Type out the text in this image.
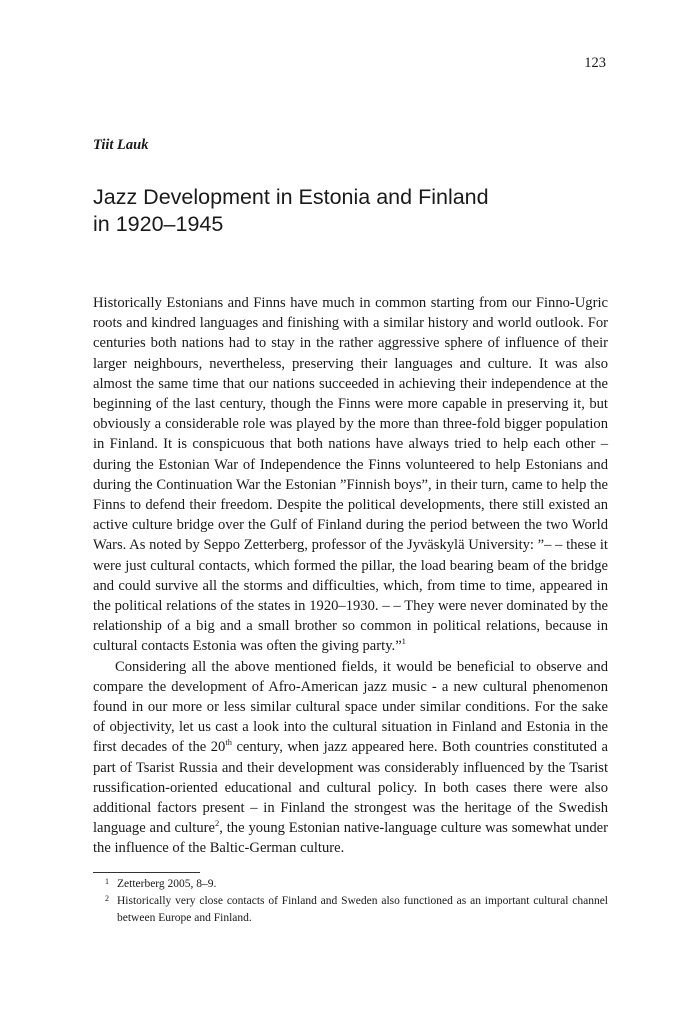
123
Tiit Lauk
Jazz Development in Estonia and Finland
in 1920–1945

Historically Estonians and Finns have much in common starting from our Finno-Ugric roots and kindred languages and finishing with a similar history and world outlook. For centuries both nations had to stay in the rather aggressive sphere of influence of their larger neighbours, nevertheless, preserving their languages and culture. It was also almost the same time that our nations succeeded in achieving their independence at the beginning of the last century, though the Finns were more capable in preserving it, but obviously a considerable role was played by the more than three-fold bigger population in Finland. It is conspicuous that both nations have always tried to help each other – during the Estonian War of Independence the Finns volunteered to help Estonians and during the Continuation War the Estonian ”Finnish boys”, in their turn, came to help the Finns to defend their freedom. Despite the political developments, there still existed an active culture bridge over the Gulf of Finland during the period between the two World Wars. As noted by Seppo Zetterberg, professor of the Jyväskylä University: ”– – these it were just cultural contacts, which formed the pillar, the load bearing beam of the bridge and could survive all the storms and difficulties, which, from time to time, appeared in the political relations of the states in 1920–1930. – – They were never dominated by the relationship of a big and a small brother so common in political relations, because in cultural contacts Estonia was often the giving party.”$^1$

Considering all the above mentioned fields, it would be beneficial to observe and compare the development of Afro-American jazz music - a new cultural phenomenon found in our more or less similar cultural space under similar conditions. For the sake of objectivity, let us cast a look into the cultural situation in Finland and Estonia in the first decades of the 20th century, when jazz appeared here. Both countries constituted a part of Tsarist Russia and their development was considerably influenced by the Tsarist russification-oriented educational and cultural policy. In both cases there were also additional factors present – in Finland the strongest was the heritage of the Swedish language and culture$^2$, the young Estonian native-language culture was somewhat under the influence of the Baltic-German culture.

1 Zetterberg 2005, 8–9.
2 Historically very close contacts of Finland and Sweden also functioned as an important cultural channel between Europe and Finland.
